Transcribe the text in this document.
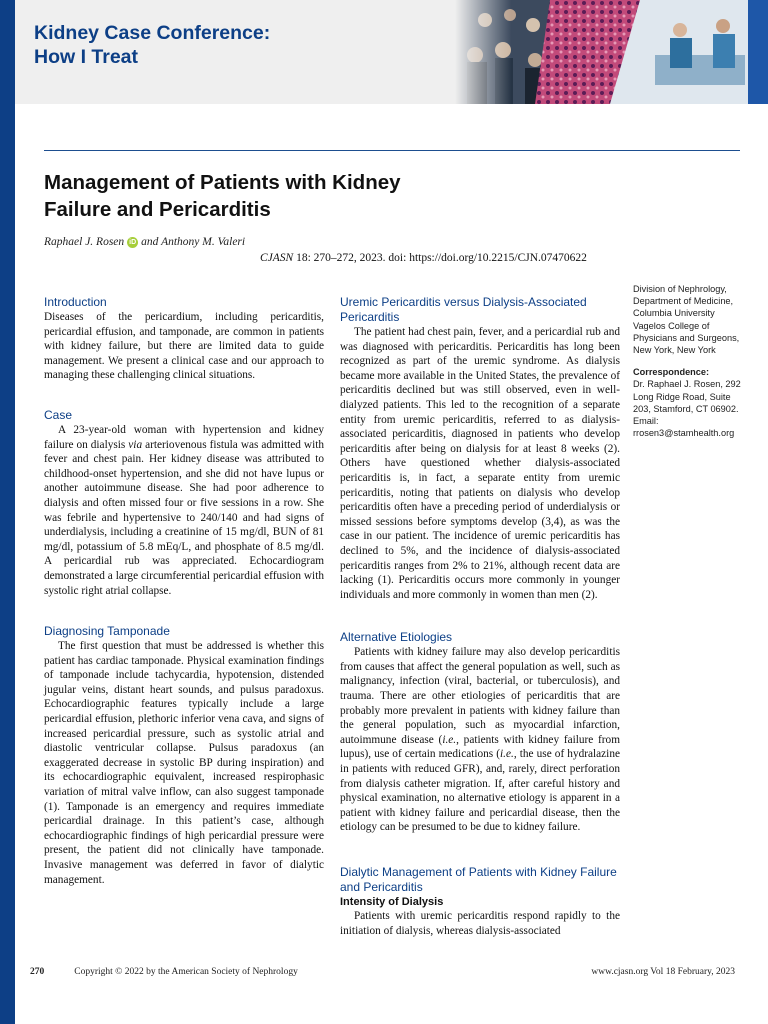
Kidney Case Conference:
How I Treat
Management of Patients with Kidney Failure and Pericarditis
Raphael J. Rosen iD and Anthony M. Valeri
CJASN 18: 270–272, 2023. doi: https://doi.org/10.2215/CJN.07470622
Introduction

Diseases of the pericardium, including pericarditis, pericardial effusion, and tamponade, are common in patients with kidney failure, but there are limited data to guide management. We present a clinical case and our approach to managing these challenging clinical situations.

Case

A 23-year-old woman with hypertension and kidney failure on dialysis via arteriovenous fistula was admitted with fever and chest pain. Her kidney disease was attributed to childhood-onset hypertension, and she did not have lupus or another autoimmune disease. She had poor adherence to dialysis and often missed four or five sessions in a row. She was febrile and hypertensive to 240/140 and had signs of underdialysis, including a creatinine of 15 mg/dl, BUN of 81 mg/dl, potassium of 5.8 mEq/L, and phosphate of 8.5 mg/dl. A pericardial rub was appreciated. Echocardiogram demonstrated a large circumferential pericardial effusion with systolic right atrial collapse.

Diagnosing Tamponade

The first question that must be addressed is whether this patient has cardiac tamponade. Physical examination findings of tamponade include tachycardia, hypotension, distended jugular veins, distant heart sounds, and pulsus paradoxus. Echocardiographic features typically include a large pericardial effusion, plethoric inferior vena cava, and signs of increased pericardial pressure, such as systolic atrial and diastolic ventricular collapse. Pulsus paradoxus (an exaggerated decrease in systolic BP during inspiration) and its echocardiographic equivalent, increased respirophasic variation of mitral valve inflow, can also suggest tamponade (1). Tamponade is an emergency and requires immediate pericardial drainage. In this patient’s case, although echocardiographic findings of high pericardial pressure were present, the patient did not clinically have tamponade. Invasive management was deferred in favor of dialytic management.

Uremic Pericarditis versus Dialysis-Associated Pericarditis

The patient had chest pain, fever, and a pericardial rub and was diagnosed with pericarditis. Pericarditis has long been recognized as part of the uremic syndrome. As dialysis became more available in the United States, the prevalence of pericarditis declined but was still observed, even in well-dialyzed patients. This led to the recognition of a separate entity from uremic pericarditis, referred to as dialysis-associated pericarditis, diagnosed in patients who develop pericarditis after being on dialysis for at least 8 weeks (2). Others have questioned whether dialysis-associated pericarditis is, in fact, a separate entity from uremic pericarditis, noting that patients on dialysis who develop pericarditis often have a preceding period of underdialysis or missed sessions before symptoms develop (3,4), as was the case in our patient. The incidence of uremic pericarditis has declined to 5%, and the incidence of dialysis-associated pericarditis ranges from 2% to 21%, although recent data are lacking (1). Pericarditis occurs more commonly in younger individuals and more commonly in women than men (2).

Alternative Etiologies

Patients with kidney failure may also develop pericarditis from causes that affect the general population as well, such as malignancy, infection (viral, bacterial, or tuberculosis), and trauma. There are other etiologies of pericarditis that are probably more prevalent in patients with kidney failure than the general population, such as myocardial infarction, autoimmune disease (i.e., patients with kidney failure from lupus), use of certain medications (i.e., the use of hydralazine in patients with reduced GFR), and, rarely, direct perforation from dialysis catheter migration. If, after careful history and physical examination, no alternative etiology is apparent in a patient with kidney failure and pericardial disease, then the etiology can be presumed to be due to kidney failure.

Dialytic Management of Patients with Kidney Failure and Pericarditis
Intensity of Dialysis

Patients with uremic pericarditis respond rapidly to the initiation of dialysis, whereas dialysis-associated

Division of Nephrology, Department of Medicine, Columbia University Vagelos College of Physicians and Surgeons, New York, New York
Correspondence:
Dr. Raphael J. Rosen, 292 Long Ridge Road, Suite 203, Stamford, CT 06902. Email: rrosen3@stamhealth.org
270	Copyright © 2022 by the American Society of Nephrology	www.cjasn.org Vol 18 February, 2023
